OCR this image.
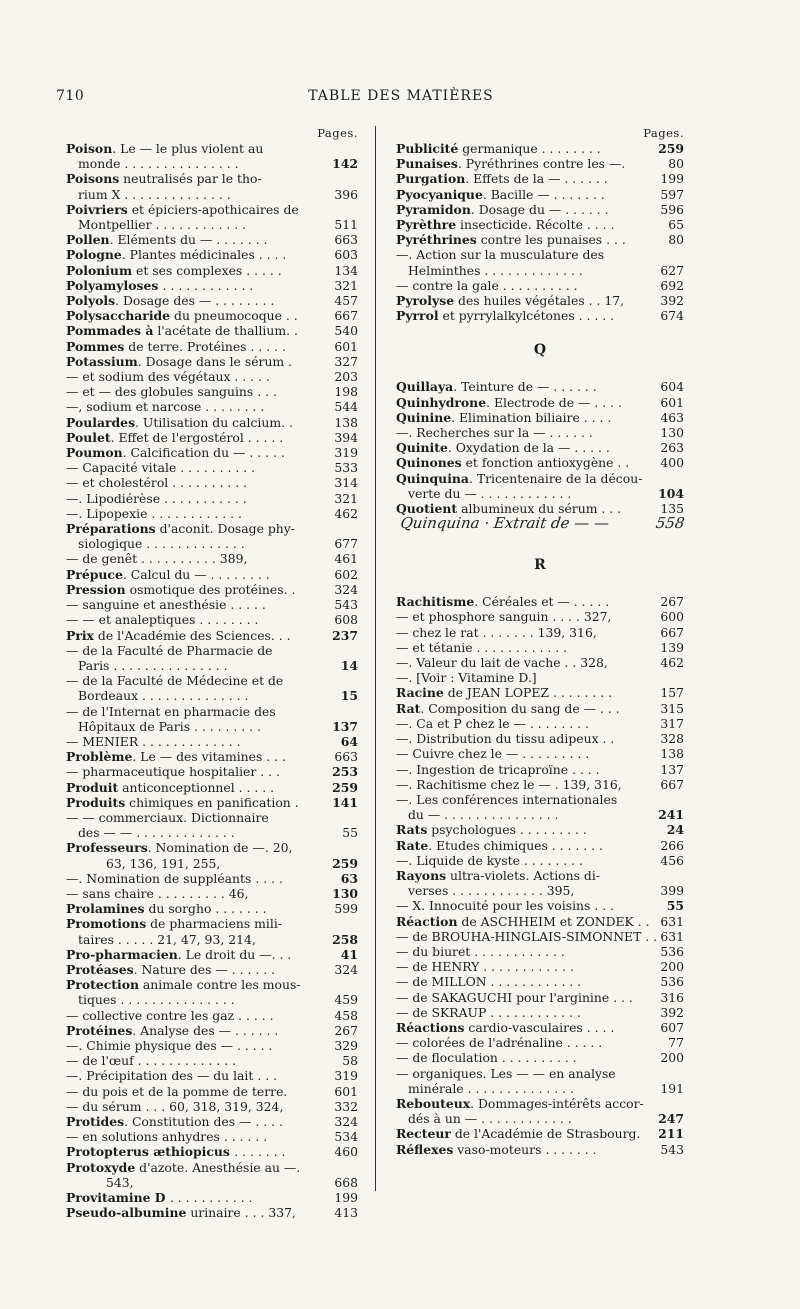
710	TABLE DES MATIÈRES
Pages.
Poison. Le — le plus violent au
monde . . . . . . . . . . . . . . .	142
Poisons neutralisés par le tho-
rium X . . . . . . . . . . . . . .	396
Poivriers et épiciers-apothicaires de
Montpellier . . . . . . . . . . . .	511
Pollen. Eléments du — . . . . . . .	663
Pologne. Plantes médicinales . . . .	603
Polonium et ses complexes . . . . .	134
Polyamyloses . . . . . . . . . . . .	321
Polyols. Dosage des — . . . . . . . .	457
Polysaccharide du pneumocoque . .	667
Pommades à l'acétate de thallium. .	540
Pommes de terre. Protéines . . . . .	601
Potassium. Dosage dans le sérum .	327
— et sodium des végétaux . . . . .	203
— et — des globules sanguins . . .	198
—, sodium et narcose . . . . . . . .	544
Poulardes. Utilisation du calcium. .	138
Poulet. Effet de l'ergostérol . . . . .	394
Poumon. Calcification du — . . . . .	319
— Capacité vitale . . . . . . . . . .	533
— et cholestérol . . . . . . . . . .	314
—. Lipodiérèse . . . . . . . . . . .	321
—. Lipopexie . . . . . . . . . . . .	462
Préparations d'aconit. Dosage phy-
siologique . . . . . . . . . . . . .	677
— de genêt . . . . . . . . . . 389,	461
Prépuce. Calcul du — . . . . . . . .	602
Pression osmotique des protéines. .	324
— sanguine et anesthésie . . . . .	543
— — et analeptiques . . . . . . . .	608
Prix de l'Académie des Sciences. . .	237
— de la Faculté de Pharmacie de
Paris . . . . . . . . . . . . . . .	14
— de la Faculté de Médecine et de
Bordeaux . . . . . . . . . . . . . .	15
— de l'Internat en pharmacie des
Hôpitaux de Paris . . . . . . . . .	137
— MENIER . . . . . . . . . . . . .	64
Problème. Le — des vitamines . . .	663
— pharmaceutique hospitalier . . .	253
Produit anticonceptionnel . . . . .	259
Produits chimiques en panification .	141
— — commerciaux. Dictionnaire
des — — . . . . . . . . . . . . .	55
Professeurs. Nomination de —. 20,
63, 136, 191, 255,	259
—. Nomination de suppléants . . . .	63
— sans chaire . . . . . . . . . 46,	130
Prolamines du sorgho . . . . . . .	599
Promotions de pharmaciens mili-
taires . . . . . 21, 47, 93, 214,	258
Pro-pharmacien. Le droit du —. . .	41
Protéases. Nature des — . . . . . .	324
Protection animale contre les mous-
tiques . . . . . . . . . . . . . . .	459
— collective contre les gaz . . . . .	458
Protéines. Analyse des — . . . . . .	267
—. Chimie physique des — . . . . .	329
— de l'œuf . . . . . . . . . . . . .	58
—. Précipitation des — du lait . . .	319
— du pois et de la pomme de terre.	601
— du sérum . . . 60, 318, 319, 324,	332
Protides. Constitution des — . . . .	324
— en solutions anhydres . . . . . .	534
Protopterus æthiopicus . . . . . . .	460
Protoxyde d'azote. Anesthésie au —.
543,	668
Provitamine D . . . . . . . . . . .	199
Pseudo-albumine urinaire . . . 337,	413
Pages.
Publicité germanique . . . . . . . .	259
Punaises. Pyréthrines contre les —.	80
Purgation. Effets de la — . . . . . .	199
Pyocyanique. Bacille — . . . . . . .	597
Pyramidon. Dosage du — . . . . . .	596
Pyrèthre insecticide. Récolte . . . .	65
Pyréthrines contre les punaises . . .	80
—. Action sur la musculature des
Helminthes . . . . . . . . . . . . .	627
— contre la gale . . . . . . . . . .	692
Pyrolyse des huiles végétales . . 17,	392
Pyrrol et pyrrylalkylcétones . . . . .	674
Q
Quillaya. Teinture de — . . . . . .	604
Quinhydrone. Electrode de — . . . .	601
Quinine. Elimination biliaire . . . .	463
—. Recherches sur la — . . . . . .	130
Quinite. Oxydation de la — . . . . .	263
Quinones et fonction antioxygène . .	400
Quinquina. Tricentenaire de la décou-
verte du — . . . . . . . . . . . .	104
Quotient albumineux du sérum . . .	135
Quinquina · Extrait de — —	558
R
Rachitisme. Céréales et — . . . . .	267
— et phosphore sanguin . . . . 327,	600
— chez le rat . . . . . . . 139, 316,	667
— et tétanie . . . . . . . . . . . .	139
—. Valeur du lait de vache . . 328,	462
—. [Voir : Vitamine D.]
Racine de JEAN LOPEZ . . . . . . . .	157
Rat. Composition du sang de — . . .	315
—. Ca et P chez le — . . . . . . . .	317
—. Distribution du tissu adipeux . .	328
— Cuivre chez le — . . . . . . . . .	138
—. Ingestion de tricaproïne . . . .	137
—. Rachitisme chez le — . 139, 316,	667
—. Les conférences internationales
du — . . . . . . . . . . . . . . .	241
Rats psychologues . . . . . . . . .	24
Rate. Etudes chimiques . . . . . . .	266
—. Liquide de kyste . . . . . . . .	456
Rayons ultra-violets. Actions di-
verses . . . . . . . . . . . . 395,	399
— X. Innocuité pour les voisins . . .	55
Réaction de ASCHHEIM et ZONDEK . . 631
— de BROUHA-HINGLAIS-SIMONNET . . 631
— du biuret . . . . . . . . . . . .	536
— de HENRY . . . . . . . . . . . .	200
— de MILLON . . . . . . . . . . . .	536
— de SAKAGUCHI pour l'arginine . . .	316
— de SKRAUP . . . . . . . . . . . .	392
Réactions cardio-vasculaires . . . .	607
— colorées de l'adrénaline . . . . .	77
— de floculation . . . . . . . . . .	200
— organiques. Les — — en analyse
minérale . . . . . . . . . . . . . .	191
Rebouteux. Dommages-intérêts accor-
dés à un — . . . . . . . . . . . .	247
Recteur de l'Académie de Strasbourg.	211
Réflexes vaso-moteurs . . . . . . .	543
